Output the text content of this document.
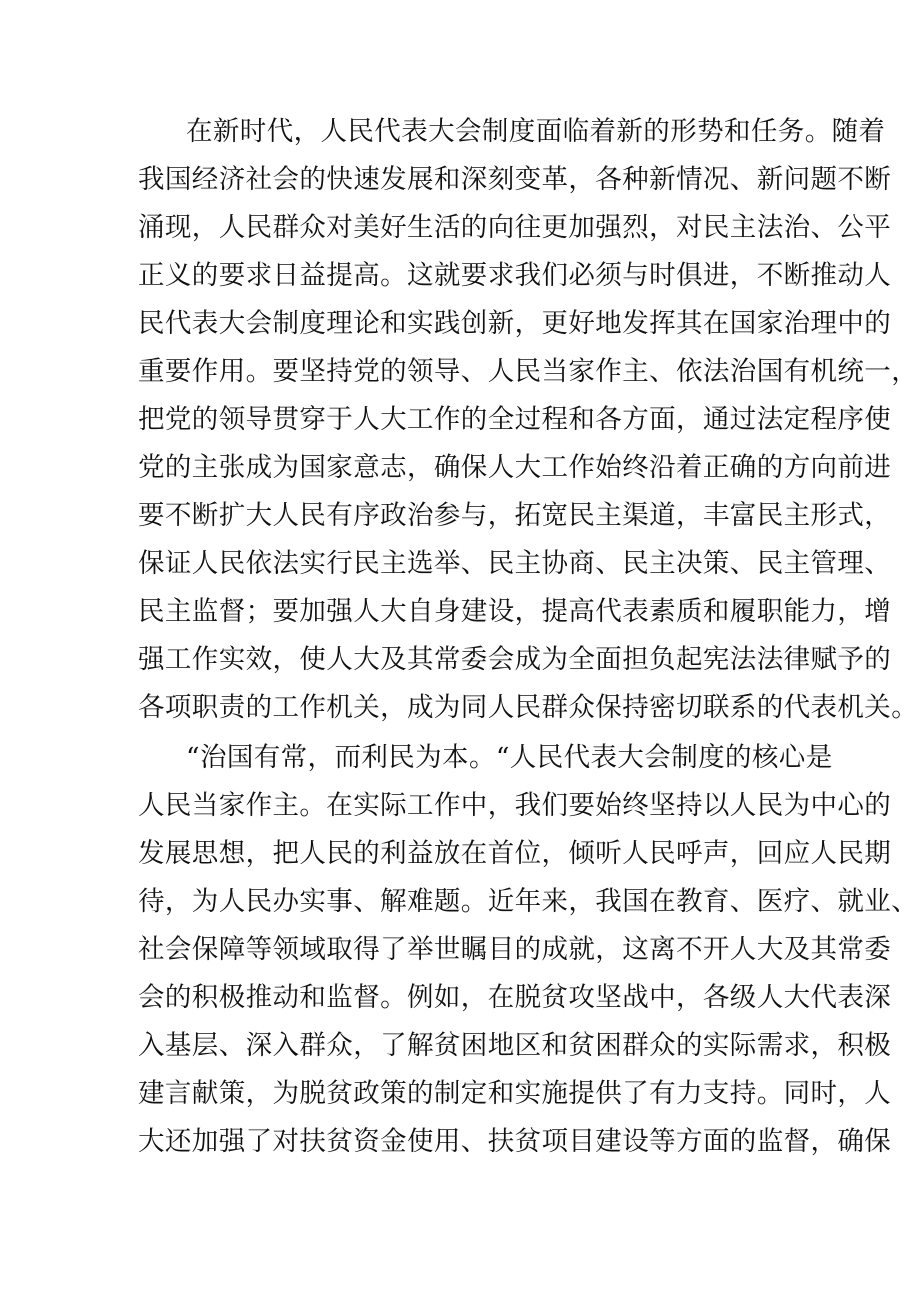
在新时代，人民代表大会制度面临着新的形势和任务。随着
我国经济社会的快速发展和深刻变革，各种新情况、新问题不断
涌现，人民群众对美好生活的向往更加强烈，对民主法治、公平
正义的要求日益提高。这就要求我们必须与时俱进，不断推动人
民代表大会制度理论和实践创新，更好地发挥其在国家治理中的
重要作用。要坚持党的领导、人民当家作主、依法治国有机统一，
把党的领导贯穿于人大工作的全过程和各方面，通过法定程序使
党的主张成为国家意志，确保人大工作始终沿着正确的方向前进
要不断扩大人民有序政治参与，拓宽民主渠道，丰富民主形式，
保证人民依法实行民主选举、民主协商、民主决策、民主管理、
民主监督；要加强人大自身建设，提高代表素质和履职能力，增
强工作实效，使人大及其常委会成为全面担负起宪法法律赋予的
各项职责的工作机关，成为同人民群众保持密切联系的代表机关。
“治国有常，而利民为本。“人民代表大会制度的核心是
人民当家作主。在实际工作中，我们要始终坚持以人民为中心的
发展思想，把人民的利益放在首位，倾听人民呼声，回应人民期
待，为人民办实事、解难题。近年来，我国在教育、医疗、就业、
社会保障等领域取得了举世瞩目的成就，这离不开人大及其常委
会的积极推动和监督。例如，在脱贫攻坚战中，各级人大代表深
入基层、深入群众，了解贫困地区和贫困群众的实际需求，积极
建言献策，为脱贫政策的制定和实施提供了有力支持。同时，人
大还加强了对扶贫资金使用、扶贫项目建设等方面的监督，确保
